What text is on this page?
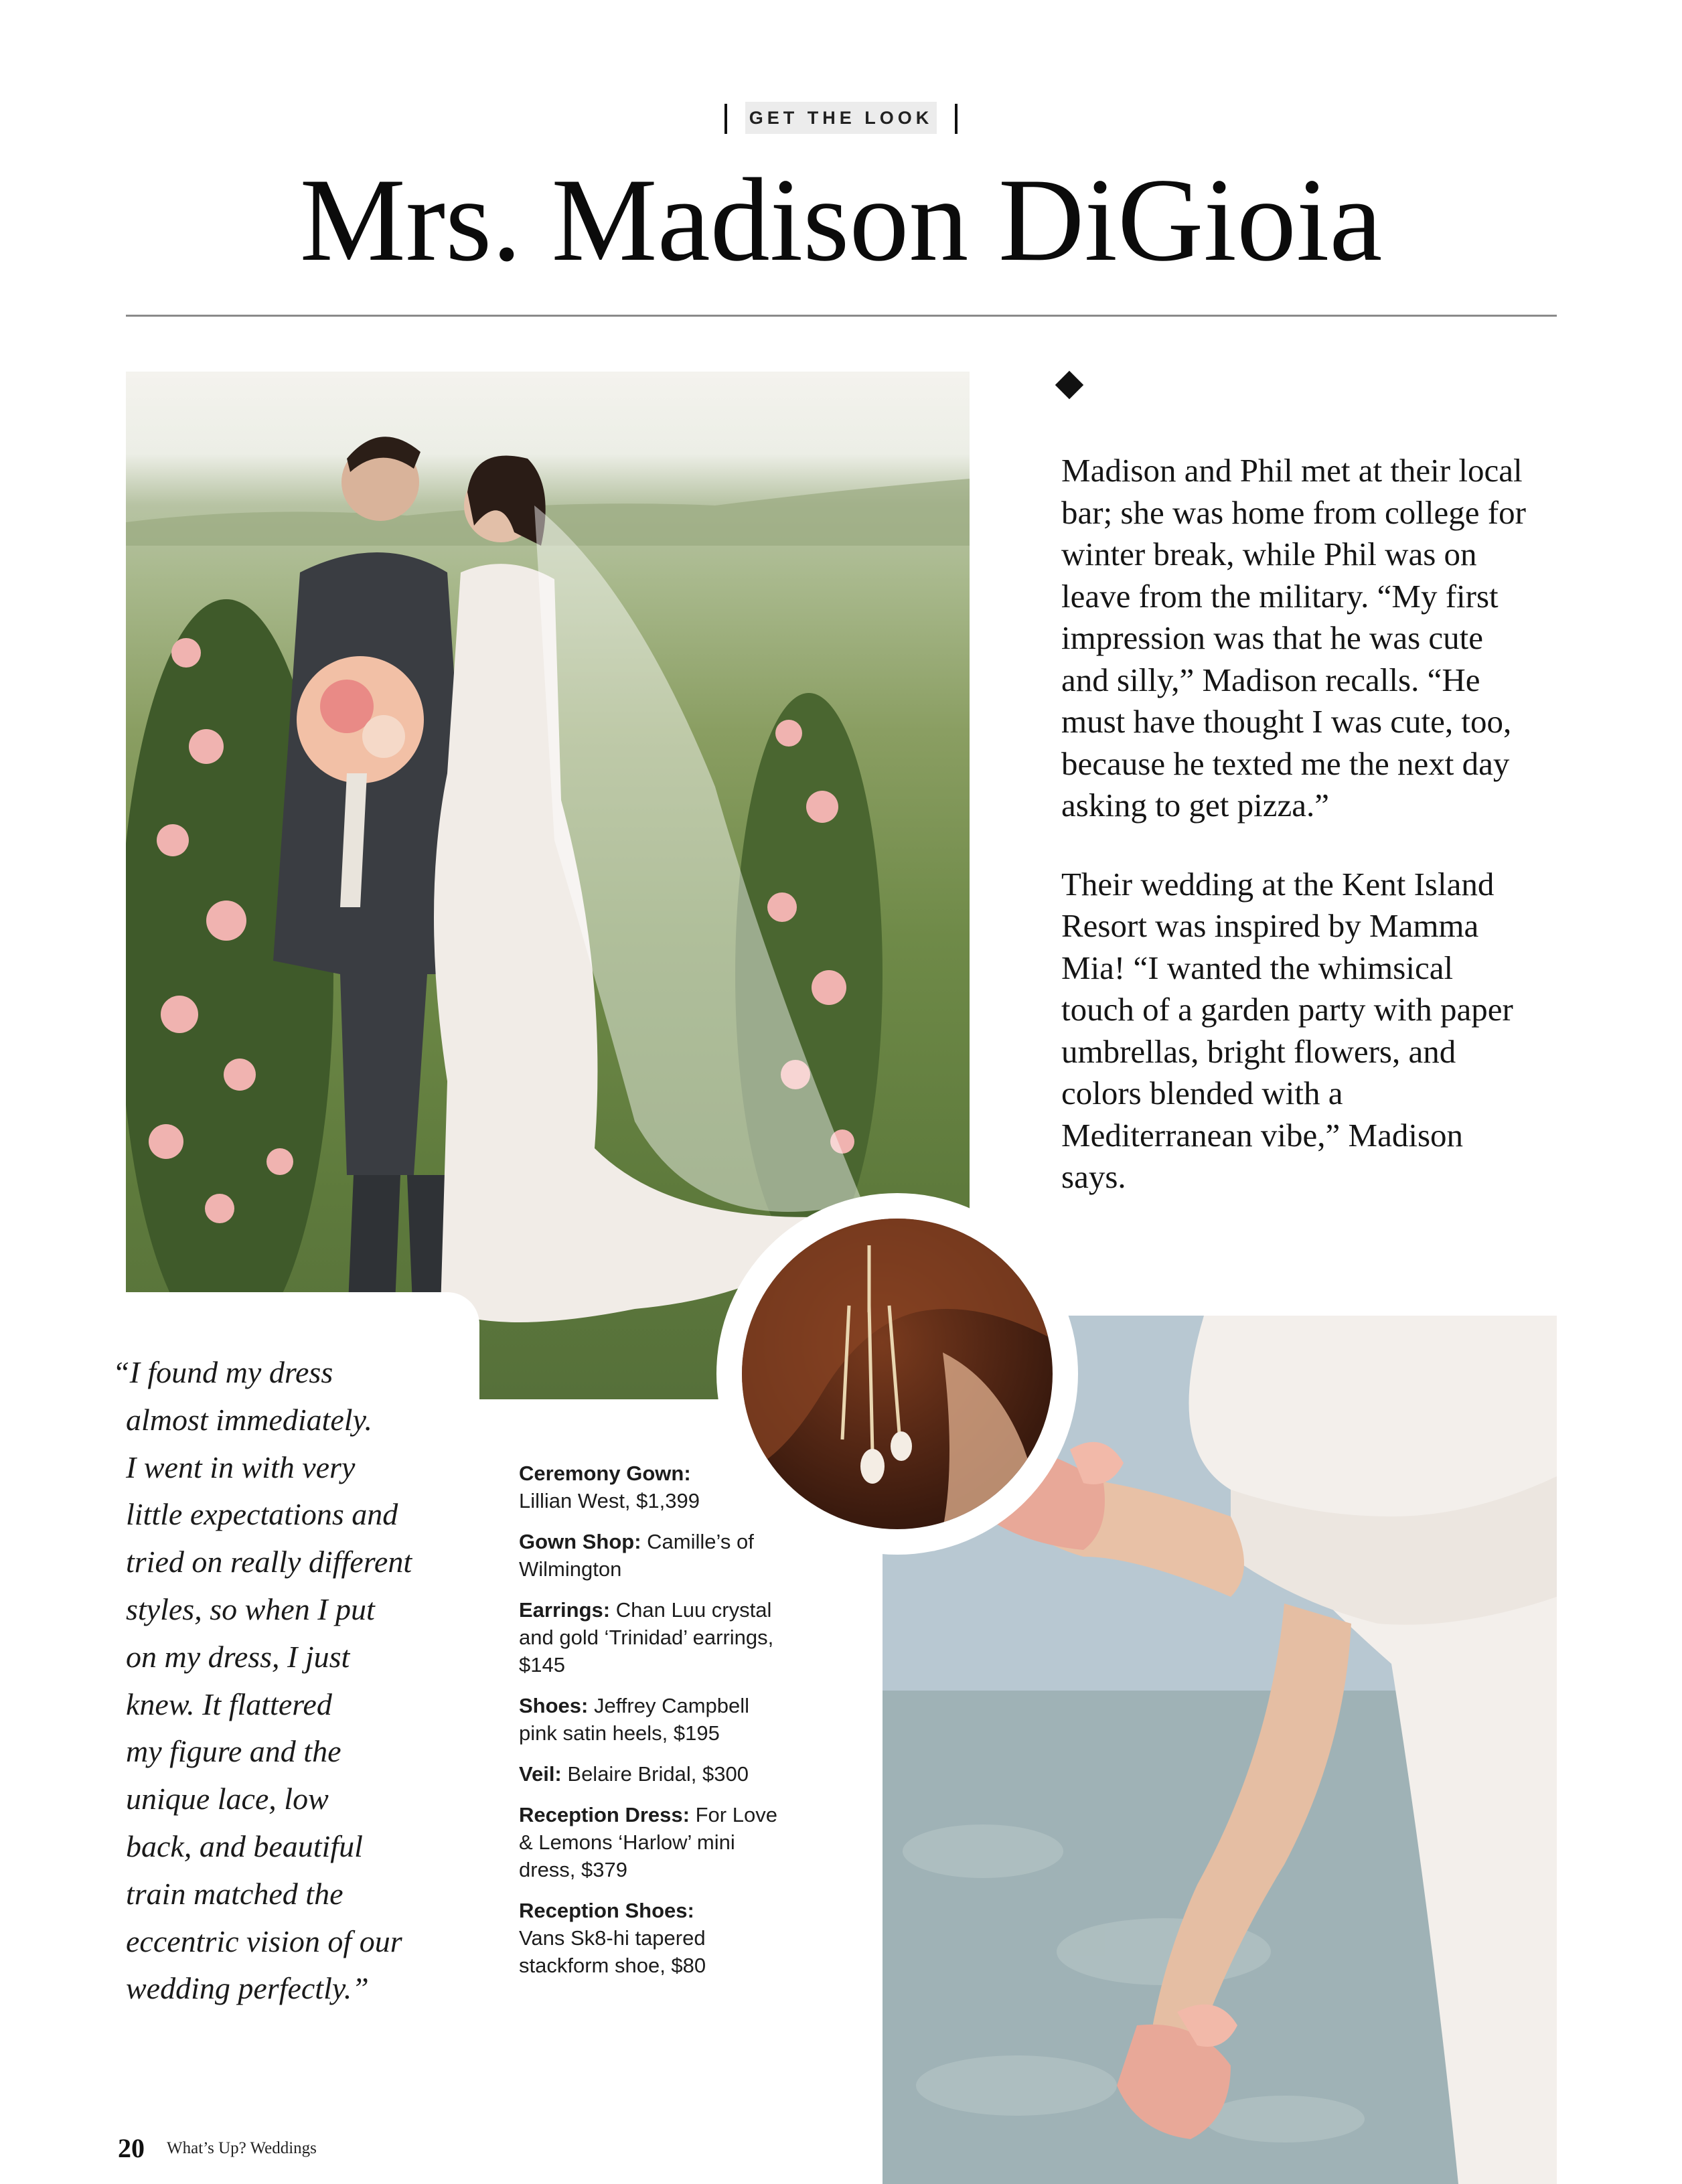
GET THE LOOK
Mrs. Madison DiGioia

Madison and Phil met at their local bar; she was home from college for winter break, while Phil was on leave from the military. “My first impression was that he was cute and silly,” Madison recalls. “He must have thought I was cute, too, because he texted me the next day asking to get pizza.”

Their wedding at the Kent Island Resort was inspired by Mamma Mia! “I wanted the whimsical touch of a garden party with paper umbrellas, bright flowers, and colors blended with a Mediterranean vibe,” Madison says.

“I found my dress
almost immediately.
I went in with very
little expectations and
tried on really different
styles, so when I put
on my dress, I just
knew. It flattered
my figure and the
unique lace, low
back, and beautiful
train matched the
eccentric vision of our
wedding perfectly.”
Ceremony Gown:
Lillian West, $1,399
Gown Shop: Camille’s of Wilmington
Earrings: Chan Luu crystal and gold ‘Trinidad’ earrings, $145
Shoes: Jeffrey Campbell pink satin heels, $195
Veil: Belaire Bridal, $300
Reception Dress: For Love & Lemons ‘Harlow’ mini dress, $379
Reception Shoes:
Vans Sk8-hi tapered stackform shoe, $80
20 What’s Up? Weddings
